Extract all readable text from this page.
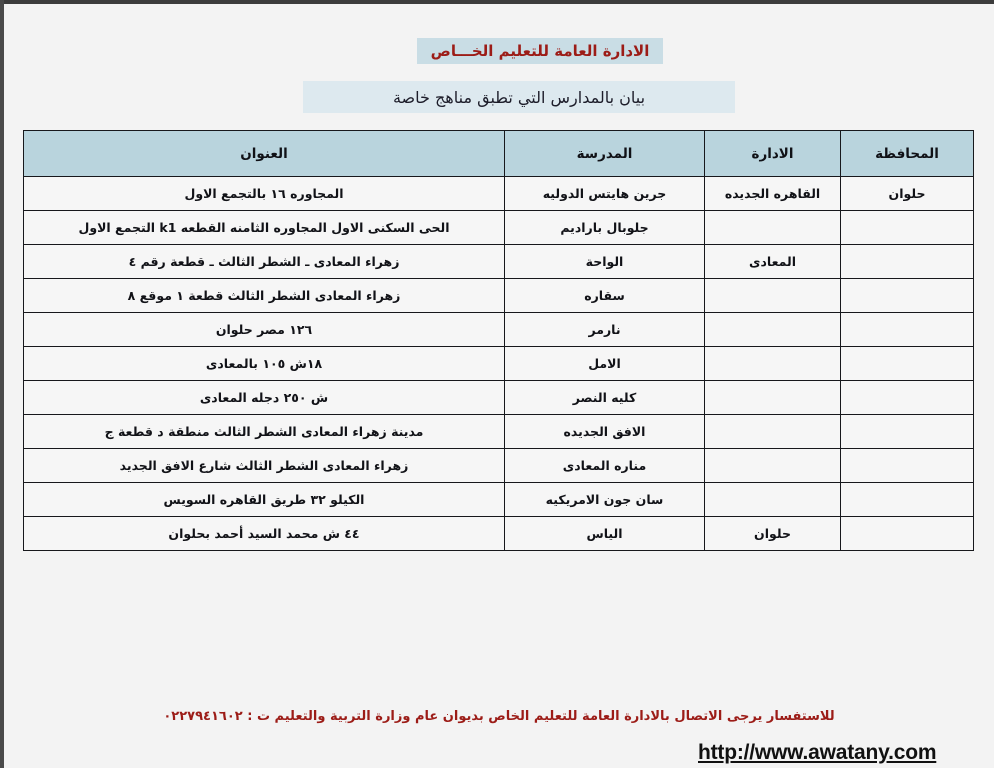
الادارة العامة للتعليم الخـــاص
بيان بالمدارس التي تطبق مناهج خاصة
المحافظة	الادارة	المدرسة	العنوان
حلوان	القاهره الجديده	جرين هايتس الدوليه	المجاوره ١٦ بالتجمع الاول
		جلوبال باراديم	الحى السكنى الاول المجاوره الثامنه القطعه k1 التجمع الاول
	المعادى	الواحة	زهراء المعادى ـ الشطر الثالث ـ قطعة رقم ٤
		سقاره	زهراء المعادى الشطر الثالث قطعة ١ موقع ٨
		نارمر	١٢٦ مصر حلوان
		الامل	١٨ش ١٠٥ بالمعادى
		كليه النصر	ش ٢٥٠ دجله المعادى
		الافق الجديده	مدينة زهراء المعادى الشطر الثالث منطقة د قطعة ج
		مناره المعادى	زهراء المعادى الشطر الثالث شارع الافق الجديد
		سان جون الامريكيه	الكيلو ٣٢ طريق القاهره السويس
	حلوان	الياس	٤٤ ش محمد السيد أحمد بحلوان
للاستفسار يرجى الاتصال بالادارة العامة للتعليم الخاص بديوان عام وزارة التربية والتعليم ت : ٠٢٢٧٩٤١٦٠٢
http://www.awatany.com
